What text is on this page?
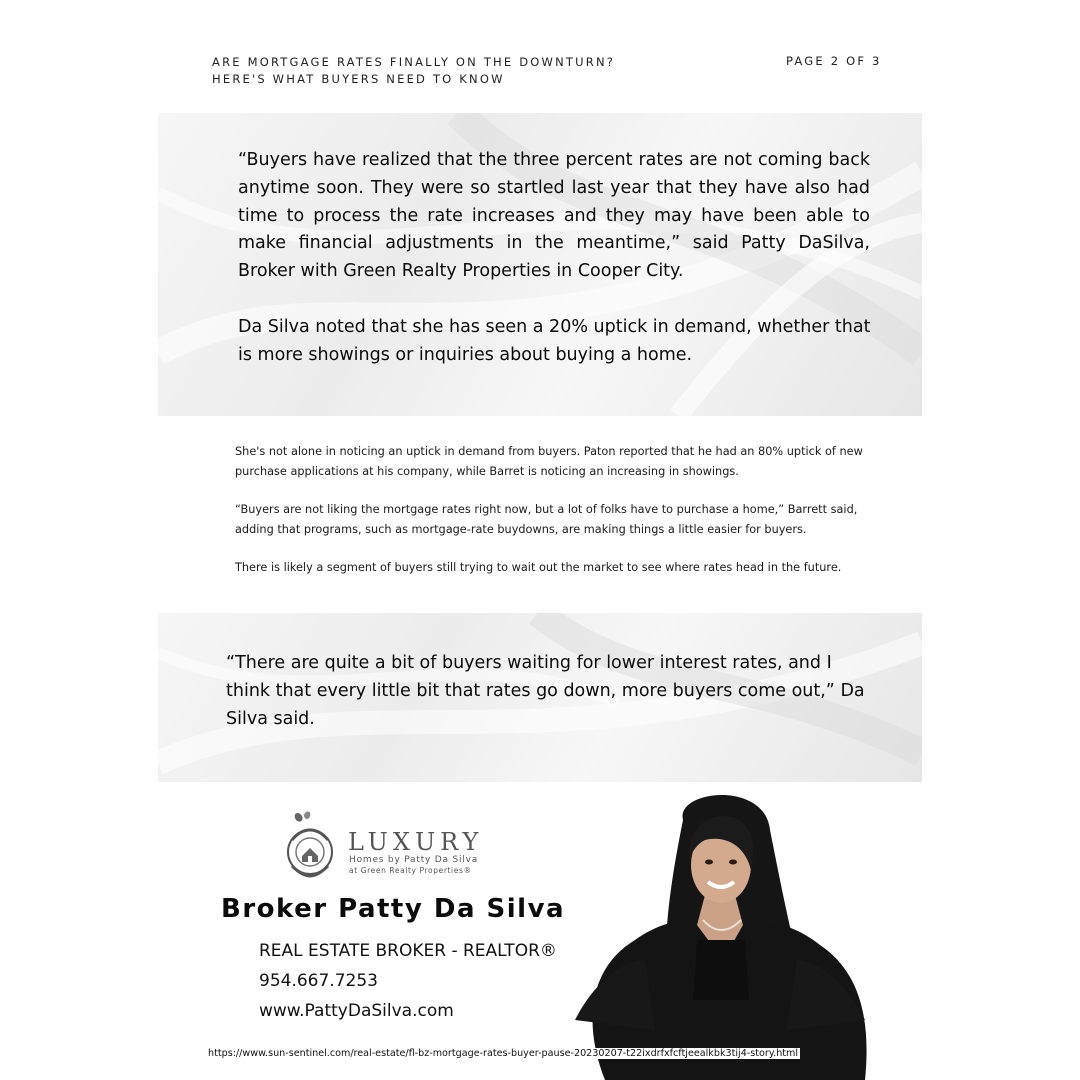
ARE MORTGAGE RATES FINALLY ON THE DOWNTURN?
HERE'S WHAT BUYERS NEED TO KNOW
PAGE 2 OF 3

“Buyers have realized that the three percent rates are not coming back anytime soon. They were so startled last year that they have also had time to process the rate increases and they may have been able to make financial adjustments in the meantime,” said Patty DaSilva, Broker with Green Realty Properties in Cooper City.

Da Silva noted that she has seen a 20% uptick in demand, whether that is more showings or inquiries about buying a home.

She's not alone in noticing an uptick in demand from buyers. Paton reported that he had an 80% uptick of new purchase applications at his company, while Barret is noticing an increasing in showings.

“Buyers are not liking the mortgage rates right now, but a lot of folks have to purchase a home,” Barrett said, adding that programs, such as mortgage-rate buydowns, are making things a little easier for buyers.

There is likely a segment of buyers still trying to wait out the market to see where rates head in the future.

“There are quite a bit of buyers waiting for lower interest rates, and I think that every little bit that rates go down, more buyers come out,” Da Silva said.

LUXURY
Homes by Patty Da Silva
at Green Realty Properties®
Broker Patty Da Silva
REAL ESTATE BROKER - REALTOR®
954.667.7253
www.PattyDaSilva.com
https://www.sun-sentinel.com/real-estate/fl-bz-mortgage-rates-buyer-pause-20230207-t22ixdrfxfcftjeealkbk3tij4-story.html
